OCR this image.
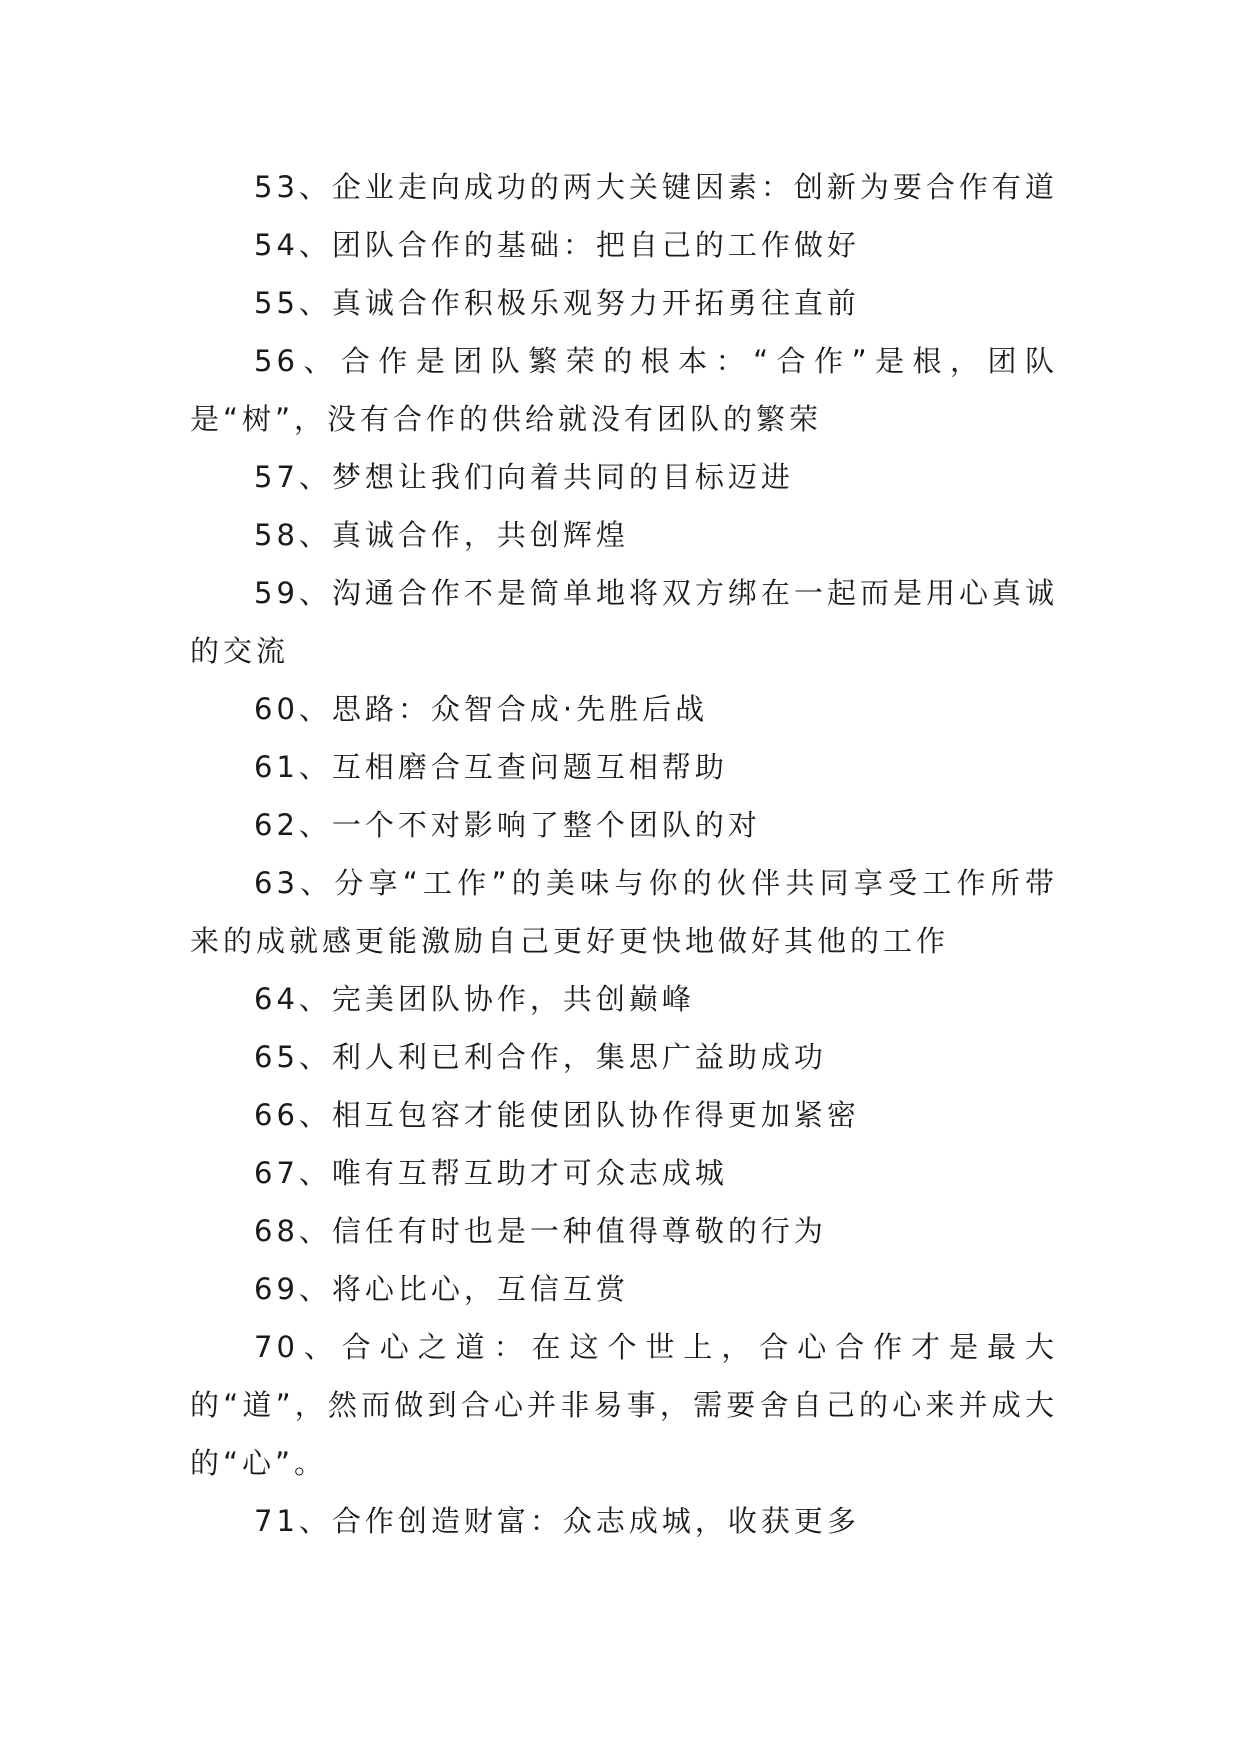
53、企业走向成功的两大关键因素：创新为要合作有道

54、团队合作的基础：把自己的工作做好

55、真诚合作积极乐观努力开拓勇往直前

56、合作是团队繁荣的根本：“合作”是根，团队是“树”，没有合作的供给就没有团队的繁荣

57、梦想让我们向着共同的目标迈进

58、真诚合作，共创辉煌

59、沟通合作不是简单地将双方绑在一起而是用心真诚的交流

60、思路：众智合成·先胜后战

61、互相磨合互查问题互相帮助

62、一个不对影响了整个团队的对

63、分享“工作”的美味与你的伙伴共同享受工作所带来的成就感更能激励自己更好更快地做好其他的工作

64、完美团队协作，共创巅峰

65、利人利已利合作，集思广益助成功

66、相互包容才能使团队协作得更加紧密

67、唯有互帮互助才可众志成城

68、信任有时也是一种值得尊敬的行为

69、将心比心，互信互赏

70、合心之道：在这个世上，合心合作才是最大的“道”，然而做到合心并非易事，需要舍自己的心来并成大的“心”。

71、合作创造财富：众志成城，收获更多
